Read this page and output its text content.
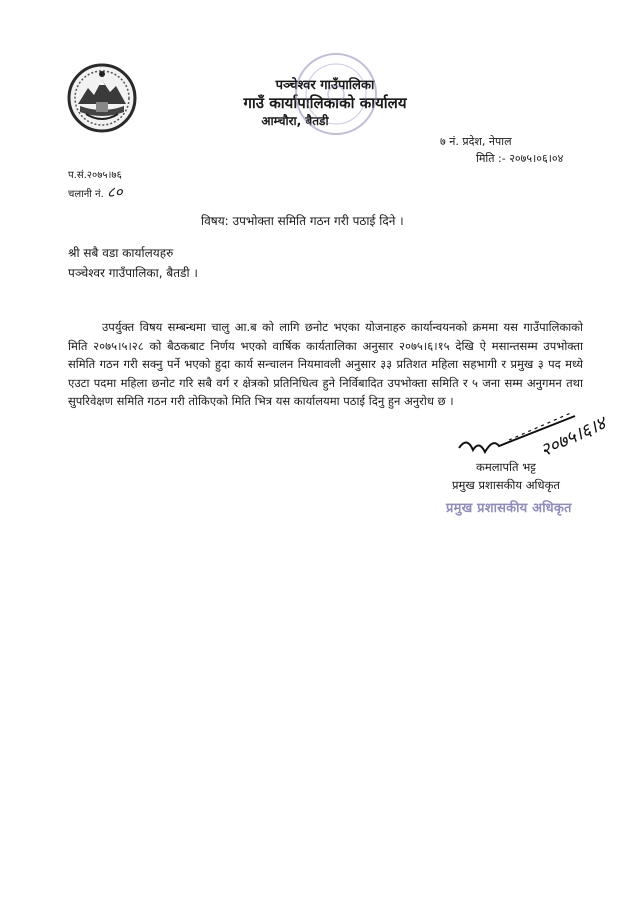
पञ्चेश्वर गाउँपालिका
गाउँ कार्यापालिकाको कार्यालय
आम्चौरा, बैतडी
७ नं. प्रदेश, नेपाल
मिति :- २०७५।०६।०४
प.सं.२०७५।७६
चलानी नं. ८०
विषय: उपभोक्ता समिति गठन गरी पठाई दिने ।
श्री सबै वडा कार्यालयहरु
पञ्चेश्वर गाउँपालिका, बैतडी ।

उपर्युक्त विषय सम्बन्धमा चालु आ.ब को लागि छनोट भएका योजनाहरु कार्यान्वयनको क्रममा यस गाउँपालिकाको मिति २०७५।५।२८ को बैठकबाट निर्णय भएको वार्षिक कार्यतालिका अनुसार २०७५।६।१५ देखि ऐ मसान्तसम्म उपभोक्ता समिति गठन गरी सक्नु पर्ने भएको हुदा कार्य सन्चालन नियमावली अनुसार ३३ प्रतिशत महिला सहभागी र प्रमुख ३ पद मध्ये एउटा पदमा महिला छनोट गरि सबै वर्ग र क्षेत्रको प्रतिनिधित्व हुने निर्विबादित उपभोक्ता समिति र ५ जना सम्म अनुगमन तथा सुपरिवेक्षण समिति गठन गरी तोकिएको मिति भित्र यस कार्यालयमा पठाई दिनु हुन अनुरोध छ ।

२०७५।६।४
कमलापति भट्ट
प्रमुख प्रशासकीय अधिकृत
प्रमुख प्रशासकीय अधिकृत
